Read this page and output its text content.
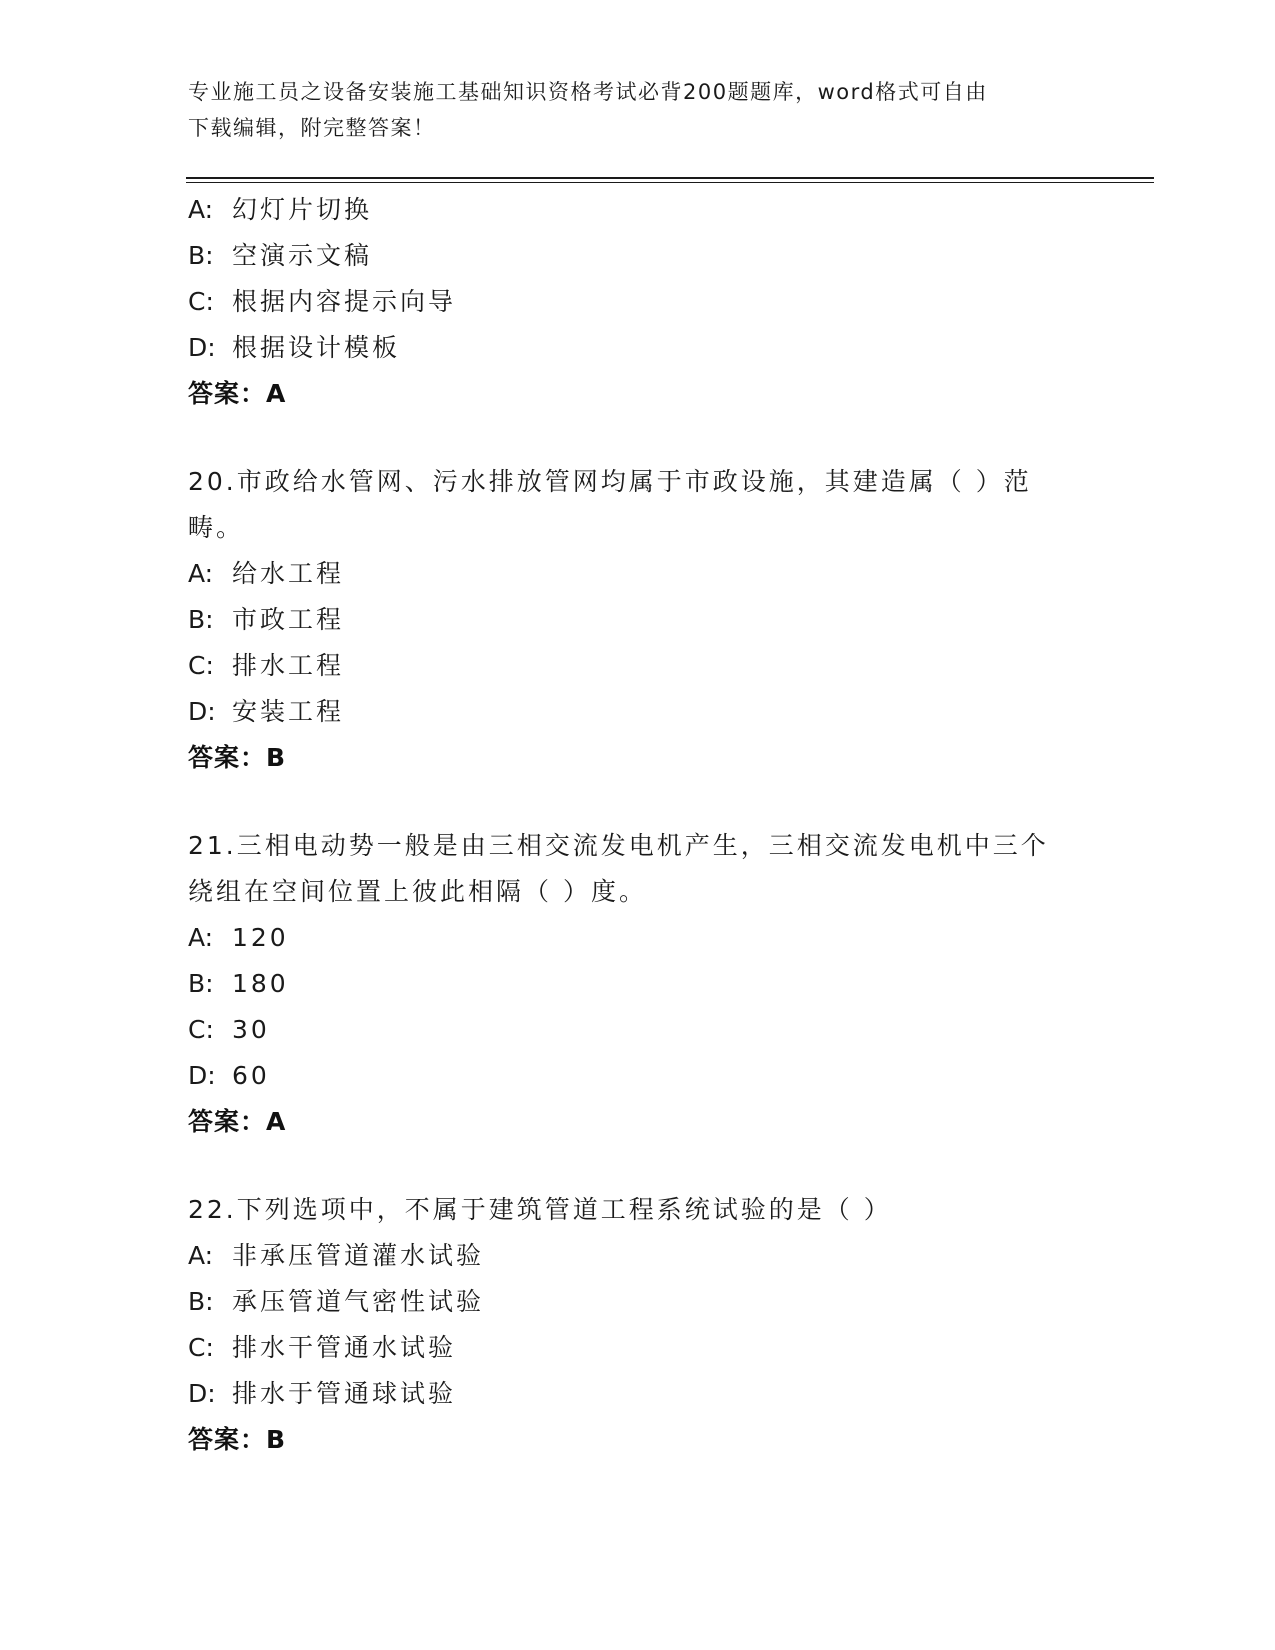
专业施工员之设备安装施工基础知识资格考试必背200题题库，word格式可自由
下载编辑，附完整答案！
A: 幻灯片切换
B: 空演示文稿
C: 根据内容提示向导
D: 根据设计模板
答案：A
20.市政给水管网、污水排放管网均属于市政设施，其建造属（ ）范
畴。
A: 给水工程
B: 市政工程
C: 排水工程
D: 安装工程
答案：B
21.三相电动势一般是由三相交流发电机产生，三相交流发电机中三个
绕组在空间位置上彼此相隔（ ）度。
A: 120
B: 180
C: 30
D: 60
答案：A
22.下列选项中，不属于建筑管道工程系统试验的是（ ）
A: 非承压管道灌水试验
B: 承压管道气密性试验
C: 排水干管通水试验
D: 排水于管通球试验
答案：B
